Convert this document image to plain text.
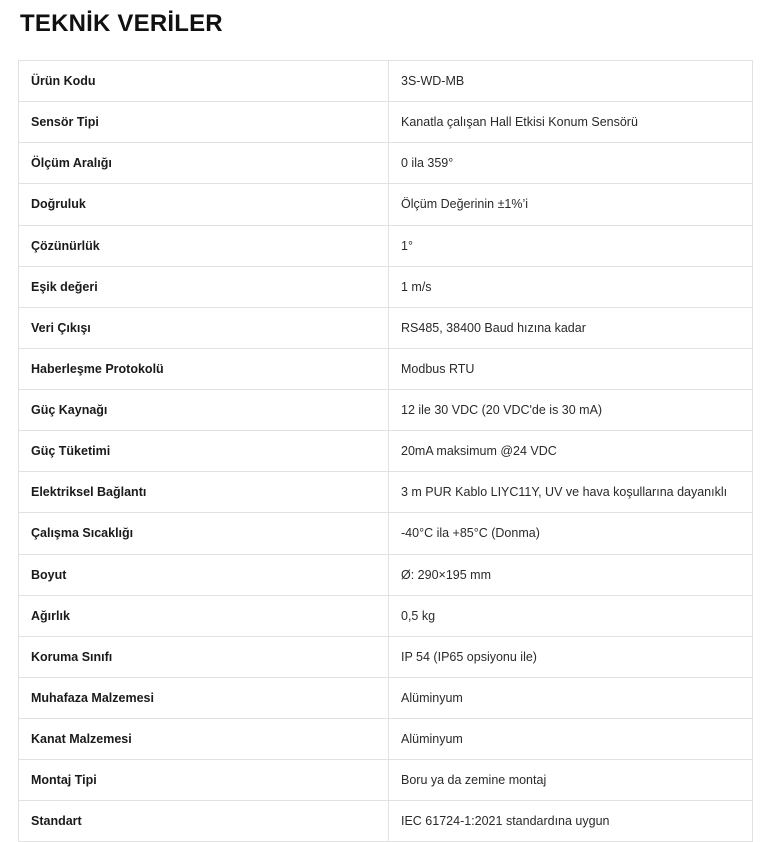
TEKNİK VERİLER
Ürün Kodu	3S-WD-MB
Sensör Tipi	Kanatla çalışan Hall Etkisi Konum Sensörü
Ölçüm Aralığı	0 ila 359°
Doğruluk	Ölçüm Değerinin ±1%’i
Çözünürlük	1°
Eşik değeri	1 m/s
Veri Çıkışı	RS485, 38400 Baud hızına kadar
Haberleşme Protokolü	Modbus RTU
Güç Kaynağı	12 ile 30 VDC (20 VDC'de is 30 mA)
Güç Tüketimi	20mA maksimum @24 VDC
Elektriksel Bağlantı	3 m PUR Kablo LIYC11Y, UV ve hava koşullarına dayanıklı
Çalışma Sıcaklığı	-40°C ila +85°C (Donma)
Boyut	Ø: 290×195 mm
Ağırlık	0,5 kg
Koruma Sınıfı	IP 54 (IP65 opsiyonu ile)
Muhafaza Malzemesi	Alüminyum
Kanat Malzemesi	Alüminyum
Montaj Tipi	Boru ya da zemine montaj
Standart	IEC 61724-1:2021 standardına uygun
